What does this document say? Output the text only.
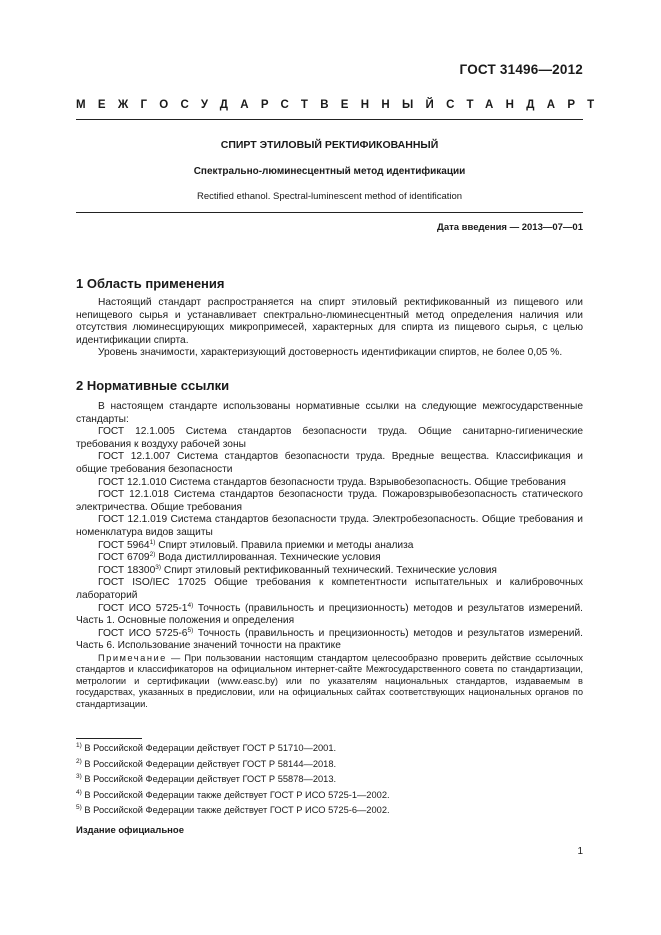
ГОСТ 31496—2012
МЕЖГОСУДАРСТВЕННЫЙ СТАНДАРТ
СПИРТ ЭТИЛОВЫЙ РЕКТИФИКОВАННЫЙ
Спектрально-люминесцентный метод идентификации
Rectified ethanol. Spectral-luminescent method of identification
Дата введения — 2013—07—01
1 Область применения

Настоящий стандарт распространяется на спирт этиловый ректификованный из пищевого или непищевого сырья и устанавливает спектрально-люминесцентный метод определения наличия или отсутствия люминесцирующих микропримесей, характерных для спирта из пищевого сырья, с целью идентификации спирта.

Уровень значимости, характеризующий достоверность идентификации спиртов, не более 0,05 %.

2 Нормативные ссылки

В настоящем стандарте использованы нормативные ссылки на следующие межгосударственные стандарты:

ГОСТ 12.1.005 Система стандартов безопасности труда. Общие санитарно-гигиенические требования к воздуху рабочей зоны

ГОСТ 12.1.007 Система стандартов безопасности труда. Вредные вещества. Классификация и общие требования безопасности

ГОСТ 12.1.010 Система стандартов безопасности труда. Взрывобезопасность. Общие требования

ГОСТ 12.1.018 Система стандартов безопасности труда. Пожаровзрывобезопасность статического электричества. Общие требования

ГОСТ 12.1.019 Система стандартов безопасности труда. Электробезопасность. Общие требования и номенклатура видов защиты

ГОСТ 5964$^{1)}$ Спирт этиловый. Правила приемки и методы анализа

ГОСТ 6709$^{2)}$ Вода дистиллированная. Технические условия

ГОСТ 18300$^{3)}$ Спирт этиловый ректификованный технический. Технические условия

ГОСТ ISO/IEC 17025 Общие требования к компетентности испытательных и калибровочных лабораторий

ГОСТ ИСО 5725-1$^{4)}$ Точность (правильность и прецизионность) методов и результатов измерений. Часть 1. Основные положения и определения

ГОСТ ИСО 5725-6$^{5)}$ Точность (правильность и прецизионность) методов и результатов измерений. Часть 6. Использование значений точности на практике

Примечание — При пользовании настоящим стандартом целесообразно проверить действие ссылочных стандартов и классификаторов на официальном интернет-сайте Межгосударственного совета по стандартизации, метрологии и сертификации (www.easc.by) или по указателям национальных стандартов, издаваемым в государствах, указанных в предисловии, или на официальных сайтах соответствующих национальных органов по стандартизации.

$^{1)}$ В Российской Федерации действует ГОСТ Р 51710—2001.
$^{2)}$ В Российской Федерации действует ГОСТ Р 58144—2018.
$^{3)}$ В Российской Федерации действует ГОСТ Р 55878—2013.
$^{4)}$ В Российской Федерации также действует ГОСТ Р ИСО 5725-1—2002.
$^{5)}$ В Российской Федерации также действует ГОСТ Р ИСО 5725-6—2002.
Издание официальное
1
